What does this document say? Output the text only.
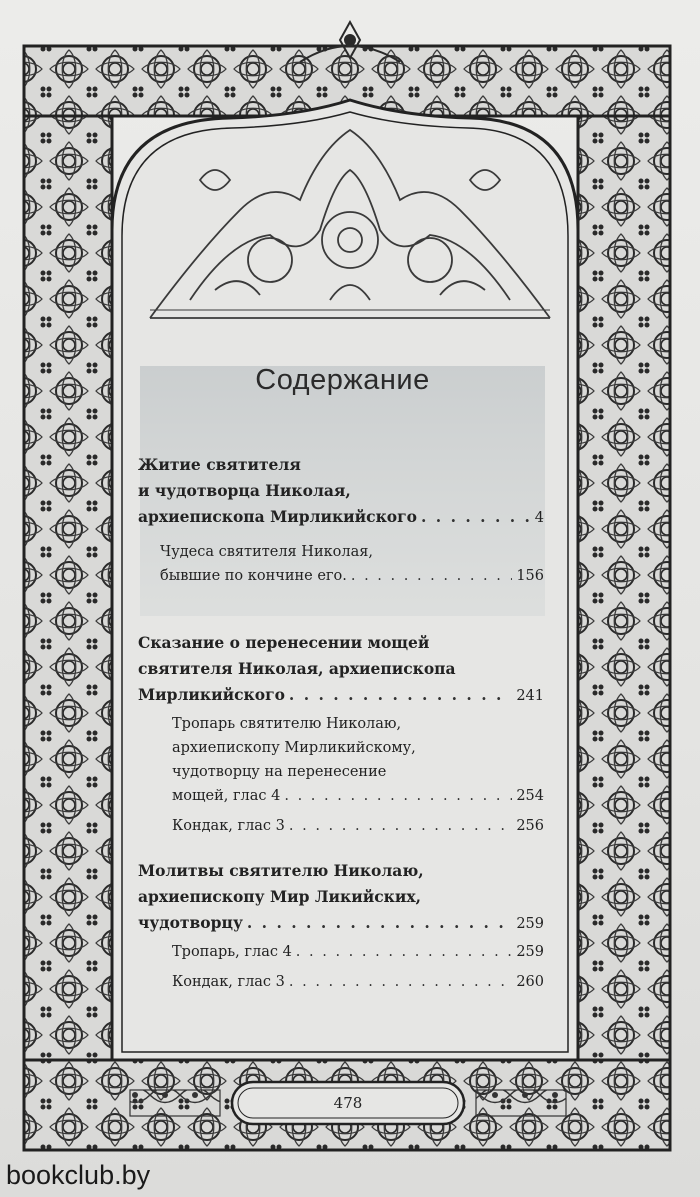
Содержание
Житие святителя
и чудотворца Николая,
архиепископа Мирликийского . . .	4
Чудеса святителя Николая,
бывшие по кончине его. . . .	156
Сказание о перенесении мощей
святителя Николая, архиепископа
Мирликийского . . .	241
Тропарь святителю Николаю,
архиепископу Мирликийскому,
чудотворцу на перенесение
мощей, глас 4 . . .	254
Кондак, глас 3 . . .	256
Молитвы святителю Николаю,
архиепископу Мир Ликийских,
чудотворцу . . .	259
Тропарь, глас 4 . . .	259
Кондак, глас 3 . . .	260
478
bookclub.by
